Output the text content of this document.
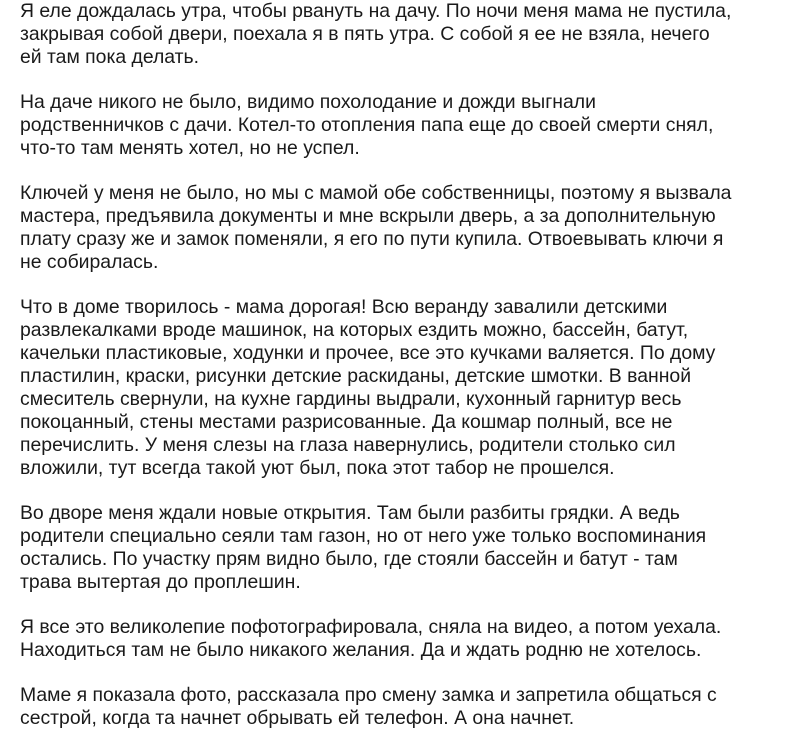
Я еле дождалась утра, чтобы рвануть на дачу. По ночи меня мама не пустила,
закрывая собой двери, поехала я в пять утра. С собой я ее не взяла, нечего
ей там пока делать.

На даче никого не было, видимо похолодание и дожди выгнали
родственничков с дачи. Котел-то отопления папа еще до своей смерти снял,
что-то там менять хотел, но не успел.

Ключей у меня не было, но мы с мамой обе собственницы, поэтому я вызвала
мастера, предъявила документы и мне вскрыли дверь, а за дополнительную
плату сразу же и замок поменяли, я его по пути купила. Отвоевывать ключи я
не собиралась.

Что в доме творилось - мама дорогая! Всю веранду завалили детскими
развлекалками вроде машинок, на которых ездить можно, бассейн, батут,
качельки пластиковые, ходунки и прочее, все это кучками валяется. По дому
пластилин, краски, рисунки детские раскиданы, детские шмотки. В ванной
смеситель свернули, на кухне гардины выдрали, кухонный гарнитур весь
покоцанный, стены местами разрисованные. Да кошмар полный, все не
перечислить. У меня слезы на глаза навернулись, родители столько сил
вложили, тут всегда такой уют был, пока этот табор не прошелся.

Во дворе меня ждали новые открытия. Там были разбиты грядки. А ведь
родители специально сеяли там газон, но от него уже только воспоминания
остались. По участку прям видно было, где стояли бассейн и батут - там
трава вытертая до проплешин.

Я все это великолепие пофотографировала, сняла на видео, а потом уехала.
Находиться там не было никакого желания. Да и ждать родню не хотелось.

Маме я показала фото, рассказала про смену замка и запретила общаться с
сестрой, когда та начнет обрывать ей телефон. А она начнет.
